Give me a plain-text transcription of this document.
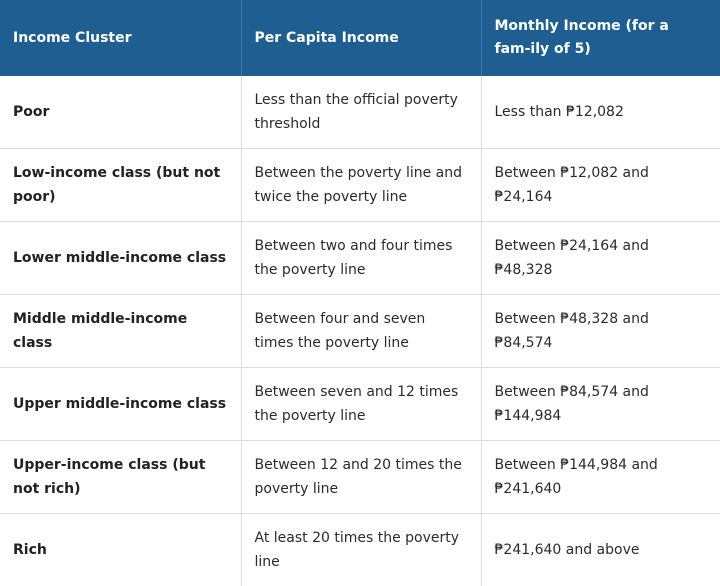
Income Cluster	Per Capita Income	Monthly Income (for a fam-ily of 5)
Poor	Less than the official poverty threshold	Less than ₱12,082
Low-income class (but not poor)	Between the poverty line and twice the poverty line	Between ₱12,082 and ₱24,164
Lower middle-income class	Between two and four times the poverty line	Between ₱24,164 and ₱48,328
Middle middle-income class	Between four and seven times the poverty line	Between ₱48,328 and ₱84,574
Upper middle-income class	Between seven and 12 times the poverty line	Between ₱84,574 and ₱144,984
Upper-income class (but not rich)	Between 12 and 20 times the poverty line	Between ₱144,984 and ₱241,640
Rich	At least 20 times the poverty line	₱241,640 and above
